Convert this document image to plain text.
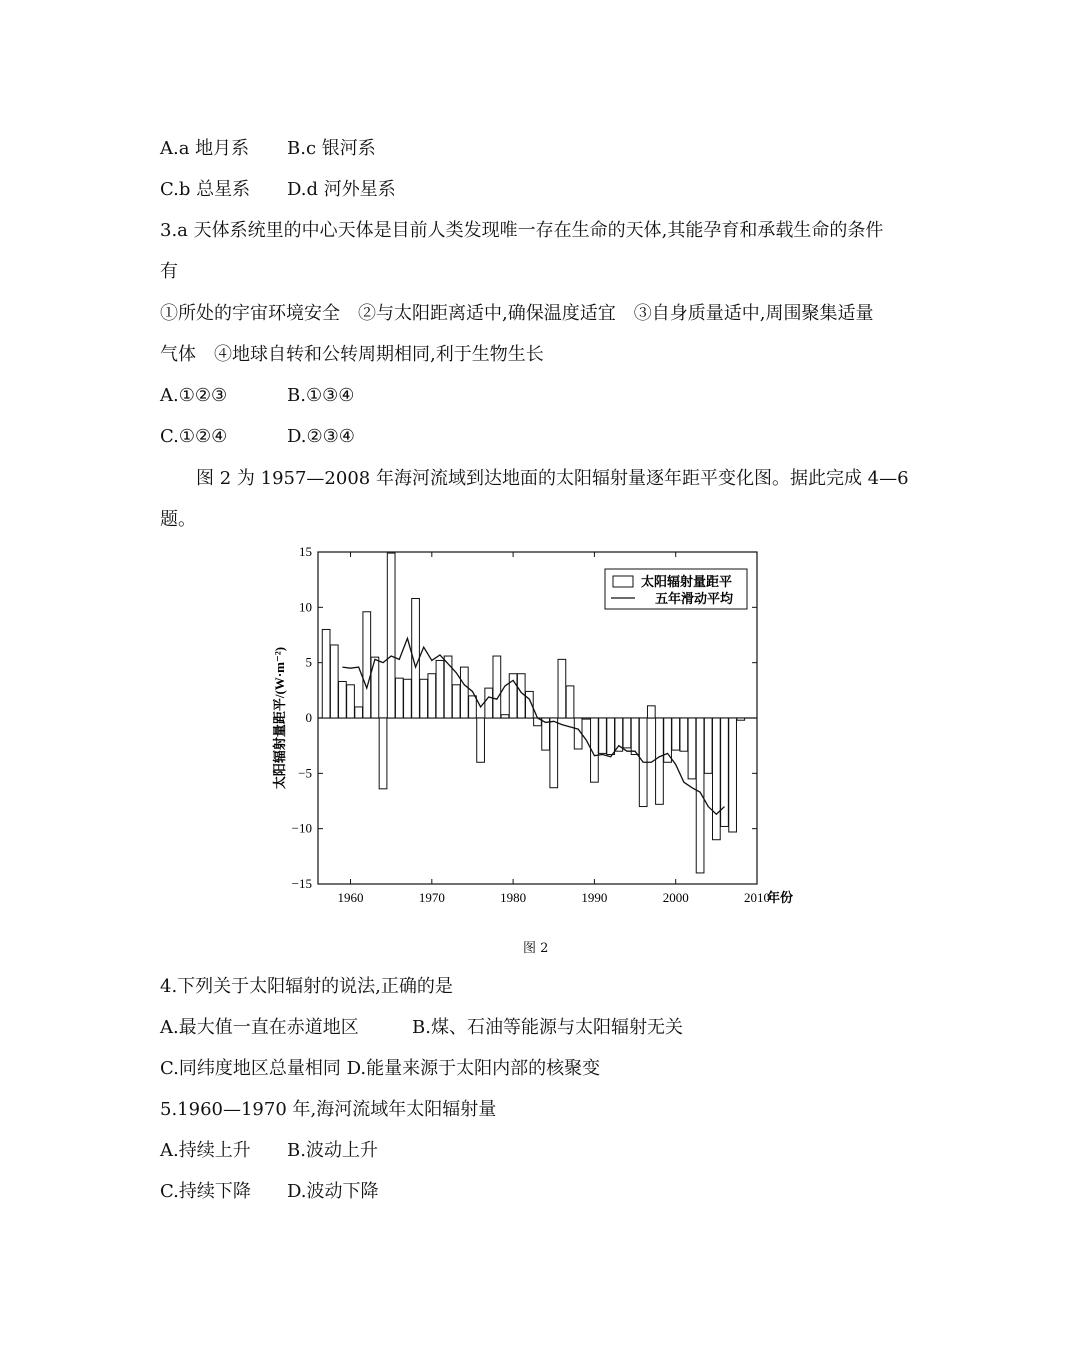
A.a 地月系 B.c 银河系
C.b 总星系 D.d 河外星系
3.a 天体系统里的中心天体是目前人类发现唯一存在生命的天体,其能孕育和承载生命的条件
有
①所处的宇宙环境安全　②与太阳距离适中,确保温度适宜　③自身质量适中,周围聚集适量
气体　④地球自转和公转周期相同,利于生物生长
A.①②③	B.①③④
C.①②④	D.②③④
图 2 为 1957—2008 年海河流域到达地面的太阳辐射量逐年距平变化图。据此完成 4—6
题。
−15
−10
−5
0
5
10
15
1960	1970	1980	1990	2000	2010
年份
太阳辐射量距平/(W·m⁻²)
太阳辐射量距平
五年滑动平均
图 2
4.下列关于太阳辐射的说法,正确的是
A.最大值一直在赤道地区	B.煤、石油等能源与太阳辐射无关
C.同纬度地区总量相同 D.能量来源于太阳内部的核聚变
5.1960—1970 年,海河流域年太阳辐射量
A.持续上升 B.波动上升
C.持续下降 D.波动下降
